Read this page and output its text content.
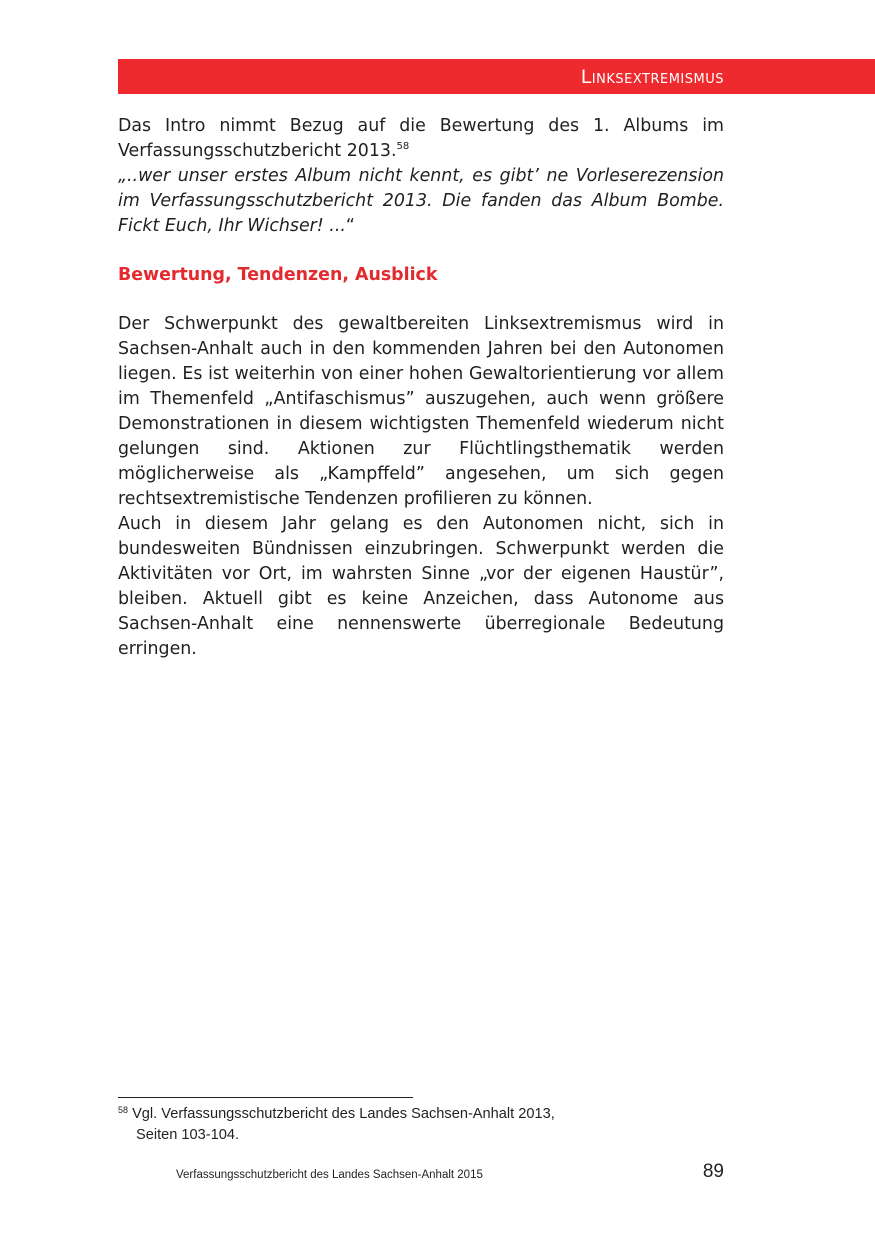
Linksextremismus

Das Intro nimmt Bezug auf die Bewertung des 1. Albums im Verfassungsschutzbericht 2013.58

„..wer unser erstes Album nicht kennt, es gibt’ ne Vorleserezension im Verfassungsschutzbericht 2013. Die fanden das Album Bombe. Fickt Euch, Ihr Wichser! ...“

Bewertung, Tendenzen, Ausblick

Der Schwerpunkt des gewaltbereiten Linksextremismus wird in Sachsen-Anhalt auch in den kommenden Jahren bei den Autonomen liegen. Es ist weiterhin von einer hohen Gewaltorientierung vor allem im Themenfeld „Antifaschismus” auszugehen, auch wenn größere Demonstrationen in diesem wichtigsten Themenfeld wiederum nicht gelungen sind. Aktionen zur Flüchtlingsthematik werden möglicherweise als „Kampffeld” angesehen, um sich gegen rechtsextremistische Tendenzen profilieren zu können.

Auch in diesem Jahr gelang es den Autonomen nicht, sich in bundesweiten Bündnissen einzubringen. Schwerpunkt werden die Aktivitäten vor Ort, im wahrsten Sinne „vor der eigenen Haustür”, bleiben. Aktuell gibt es keine Anzeichen, dass Autonome aus Sachsen-Anhalt eine nennenswerte überregionale Bedeutung erringen.

$^{58}$ Vgl. Verfassungsschutzbericht des Landes Sachsen-Anhalt 2013,
Seiten 103-104.
Verfassungsschutzbericht des Landes Sachsen-Anhalt 2015	89
